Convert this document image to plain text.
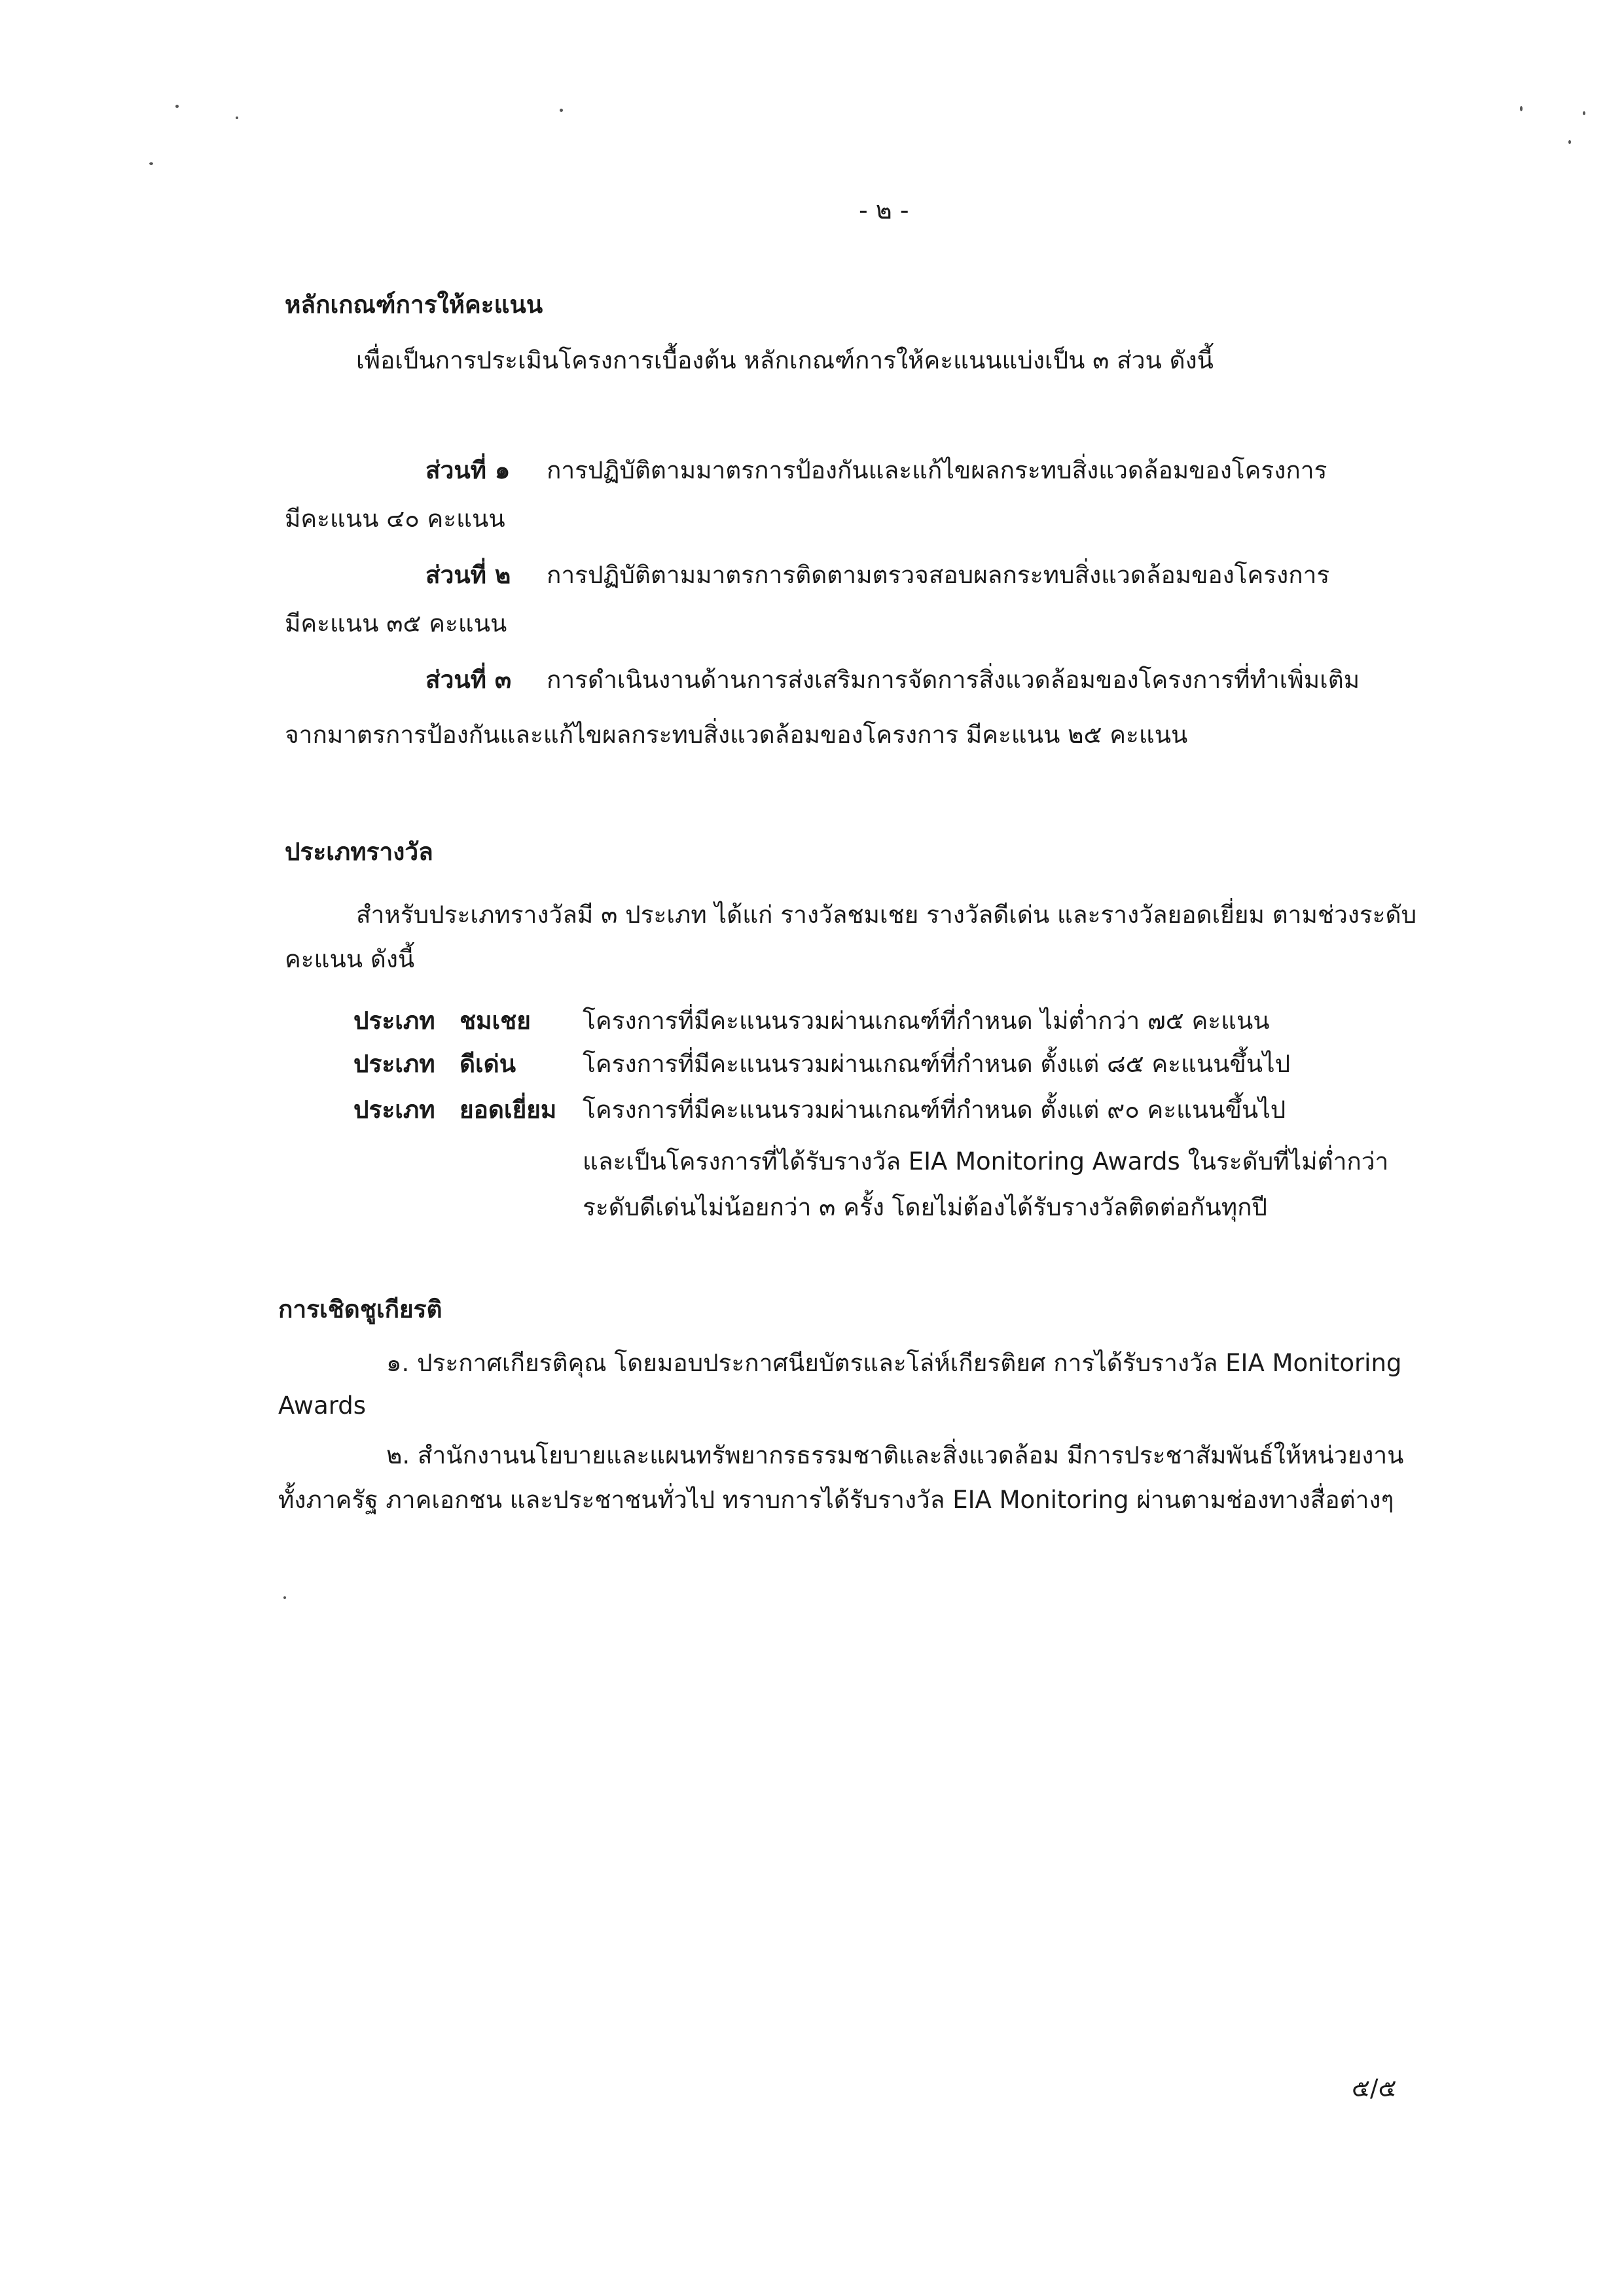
- ๒ -
หลักเกณฑ์การให้คะแนน
เพื่อเป็นการประเมินโครงการเบื้องต้น หลักเกณฑ์การให้คะแนนแบ่งเป็น ๓ ส่วน ดังนี้
ส่วนที่ ๑ การปฏิบัติตามมาตรการป้องกันและแก้ไขผลกระทบสิ่งแวดล้อมของโครงการ
มีคะแนน ๔๐ คะแนน
ส่วนที่ ๒ การปฏิบัติตามมาตรการติดตามตรวจสอบผลกระทบสิ่งแวดล้อมของโครงการ
มีคะแนน ๓๕ คะแนน
ส่วนที่ ๓ การดำเนินงานด้านการส่งเสริมการจัดการสิ่งแวดล้อมของโครงการที่ทำเพิ่มเติม
จากมาตรการป้องกันและแก้ไขผลกระทบสิ่งแวดล้อมของโครงการ มีคะแนน ๒๕ คะแนน
ประเภทรางวัล
สำหรับประเภทรางวัลมี ๓ ประเภท ได้แก่ รางวัลชมเชย รางวัลดีเด่น และรางวัลยอดเยี่ยม ตามช่วงระดับ
คะแนน ดังนี้
ประเภท ชมเชย โครงการที่มีคะแนนรวมผ่านเกณฑ์ที่กำหนด ไม่ต่ำกว่า ๗๕ คะแนน
ประเภท ดีเด่น	โครงการที่มีคะแนนรวมผ่านเกณฑ์ที่กำหนด ตั้งแต่ ๘๕ คะแนนขึ้นไป
ประเภท ยอดเยี่ยม โครงการที่มีคะแนนรวมผ่านเกณฑ์ที่กำหนด ตั้งแต่ ๙๐ คะแนนขึ้นไป
และเป็นโครงการที่ได้รับรางวัล EIA Monitoring Awards ในระดับที่ไม่ต่ำกว่า
ระดับดีเด่นไม่น้อยกว่า ๓ ครั้ง โดยไม่ต้องได้รับรางวัลติดต่อกันทุกปี
การเชิดชูเกียรติ
๑. ประกาศเกียรติคุณ โดยมอบประกาศนียบัตรและโล่ห์เกียรติยศ การได้รับรางวัล EIA Monitoring
Awards
๒. สำนักงานนโยบายและแผนทรัพยากรธรรมชาติและสิ่งแวดล้อม มีการประชาสัมพันธ์ให้หน่วยงาน
ทั้งภาครัฐ ภาคเอกชน และประชาชนทั่วไป ทราบการได้รับรางวัล EIA Monitoring ผ่านตามช่องทางสื่อต่างๆ
๕/๕
